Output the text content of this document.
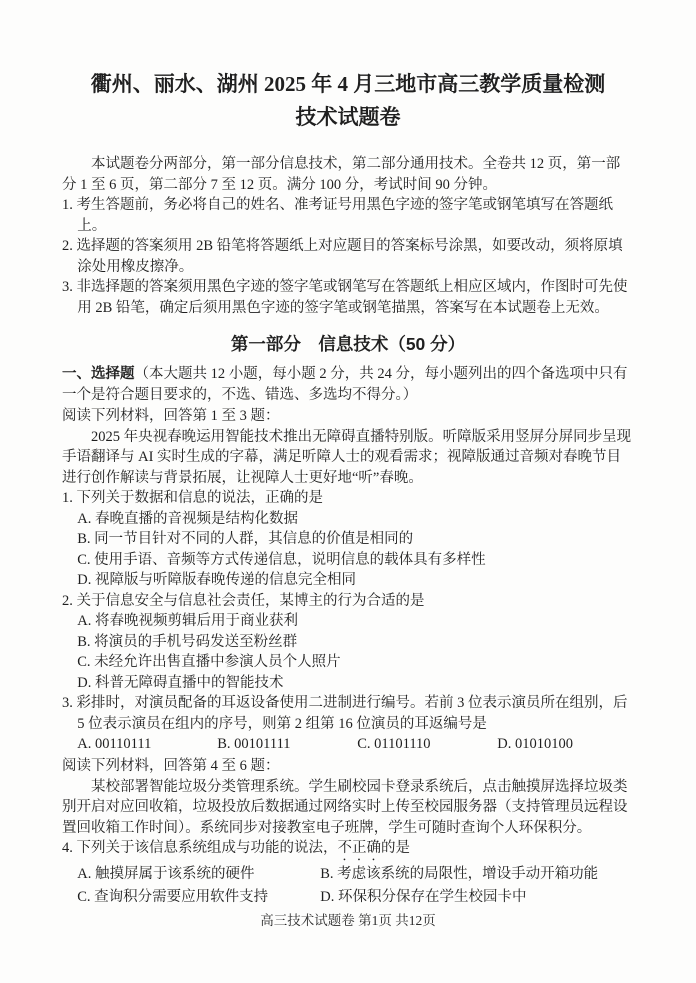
衢州、丽水、湖州 2025 年 4 月三地市高三教学质量检测
技术试题卷

本试题卷分两部分，第一部分信息技术，第二部分通用技术。全卷共 12 页，第一部分 1 至 6 页，第二部分 7 至 12 页。满分 100 分，考试时间 90 分钟。

1. 考生答题前，务必将自己的姓名、准考证号用黑色字迹的签字笔或钢笔填写在答题纸上。

2. 选择题的答案须用 2B 铅笔将答题纸上对应题目的答案标号涂黑，如要改动，须将原填涂处用橡皮擦净。

3. 非选择题的答案须用黑色字迹的签字笔或钢笔写在答题纸上相应区域内，作图时可先使用 2B 铅笔，确定后须用黑色字迹的签字笔或钢笔描黑，答案写在本试题卷上无效。

第一部分　信息技术（50 分）

一、选择题（本大题共 12 小题，每小题 2 分，共 24 分，每小题列出的四个备选项中只有一个是符合题目要求的，不选、错选、多选均不得分。）

阅读下列材料，回答第 1 至 3 题：

2025 年央视春晚运用智能技术推出无障碍直播特别版。听障版采用竖屏分屏同步呈现手语翻译与 AI 实时生成的字幕，满足听障人士的观看需求；视障版通过音频对春晚节目进行创作解读与背景拓展，让视障人士更好地“听”春晚。

1. 下列关于数据和信息的说法，正确的是

A. 春晚直播的音视频是结构化数据
B. 同一节目针对不同的人群，其信息的价值是相同的
C. 使用手语、音频等方式传递信息，说明信息的载体具有多样性
D. 视障版与听障版春晚传递的信息完全相同

2. 关于信息安全与信息社会责任，某博主的行为合适的是

A. 将春晚视频剪辑后用于商业获利
B. 将演员的手机号码发送至粉丝群
C. 未经允许出售直播中参演人员个人照片
D. 科普无障碍直播中的智能技术

3. 彩排时，对演员配备的耳返设备使用二进制进行编号。若前 3 位表示演员所在组别，后 5 位表示演员在组内的序号，则第 2 组第 16 位演员的耳返编号是

A. 00110111	B. 00101111	C. 01101110	D. 01010100

阅读下列材料，回答第 4 至 6 题：

某校部署智能垃圾分类管理系统。学生刷校园卡登录系统后，点击触摸屏选择垃圾类别开启对应回收箱，垃圾投放后数据通过网络实时上传至校园服务器（支持管理员远程设置回收箱工作时间）。系统同步对接教室电子班牌，学生可随时查询个人环保积分。

4. 下列关于该信息系统组成与功能的说法，不正确的是

A. 触摸屏属于该系统的硬件	B. 考虑该系统的局限性，增设手动开箱功能
C. 查询积分需要应用软件支持	D. 环保积分保存在学生校园卡中
高三技术试题卷 第1页 共12页
